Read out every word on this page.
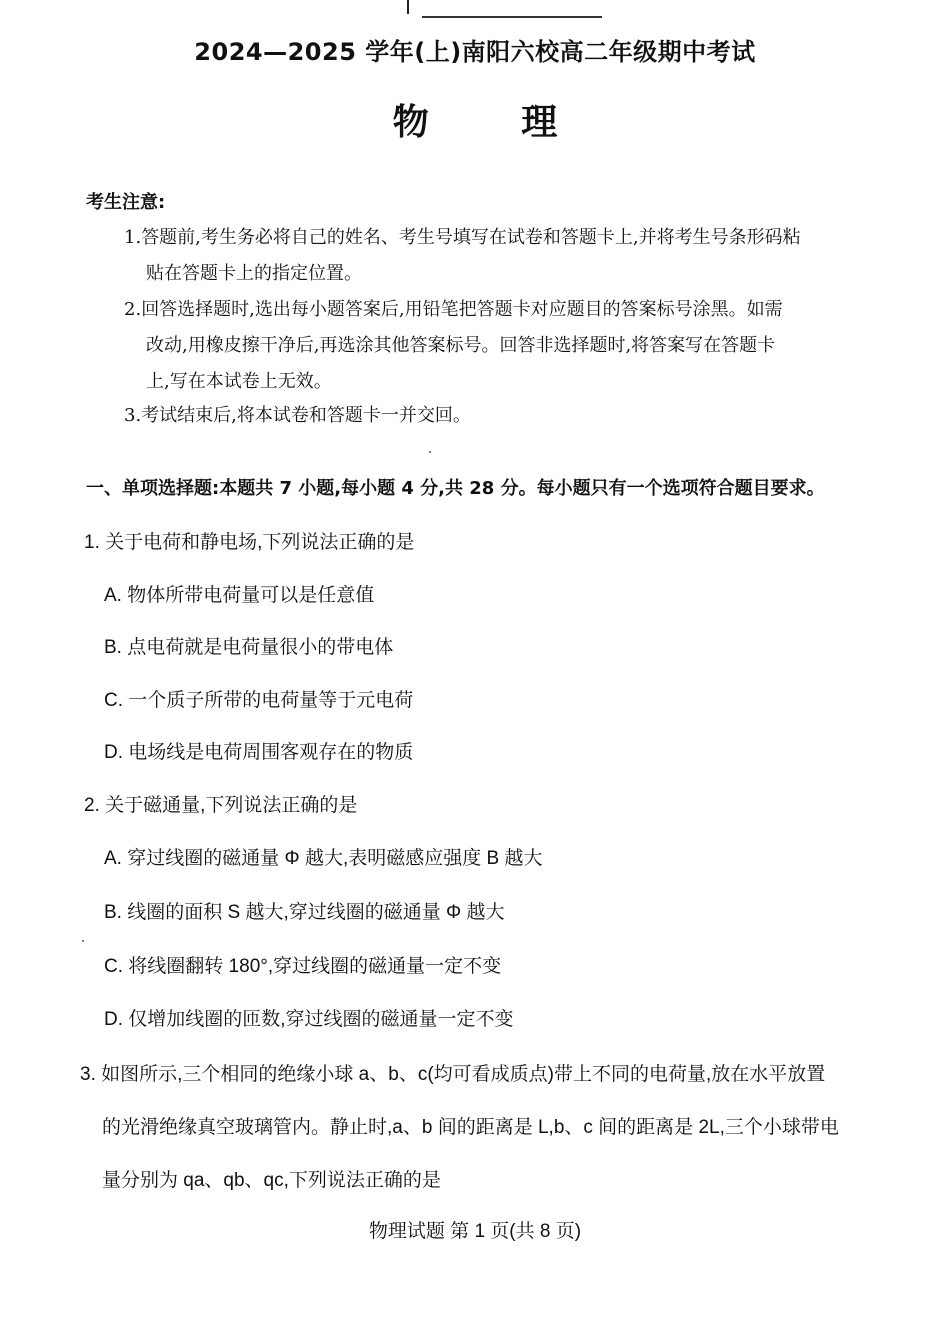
2024—2025 学年(上)南阳六校高二年级期中考试
物 理
考生注意:
1.答题前,考生务必将自己的姓名、考生号填写在试卷和答题卡上,并将考生号条形码粘
贴在答题卡上的指定位置。
2.回答选择题时,选出每小题答案后,用铅笔把答题卡对应题目的答案标号涂黑。如需
改动,用橡皮擦干净后,再选涂其他答案标号。回答非选择题时,将答案写在答题卡
上,写在本试卷上无效。
3.考试结束后,将本试卷和答题卡一并交回。
一、单项选择题:本题共 7 小题,每小题 4 分,共 28 分。每小题只有一个选项符合题目要求。
1. 关于电荷和静电场,下列说法正确的是
A. 物体所带电荷量可以是任意值
B. 点电荷就是电荷量很小的带电体
C. 一个质子所带的电荷量等于元电荷
D. 电场线是电荷周围客观存在的物质
2. 关于磁通量,下列说法正确的是
A. 穿过线圈的磁通量 Φ 越大,表明磁感应强度 B 越大
B. 线圈的面积 S 越大,穿过线圈的磁通量 Φ 越大
C. 将线圈翻转 180°,穿过线圈的磁通量一定不变
D. 仅增加线圈的匝数,穿过线圈的磁通量一定不变
3. 如图所示,三个相同的绝缘小球 a、b、c(均可看成质点)带上不同的电荷量,放在水平放置
的光滑绝缘真空玻璃管内。静止时,a、b 间的距离是 L,b、c 间的距离是 2L,三个小球带电
量分别为 qa、qb、qc,下列说法正确的是
物理试题 第 1 页(共 8 页)
